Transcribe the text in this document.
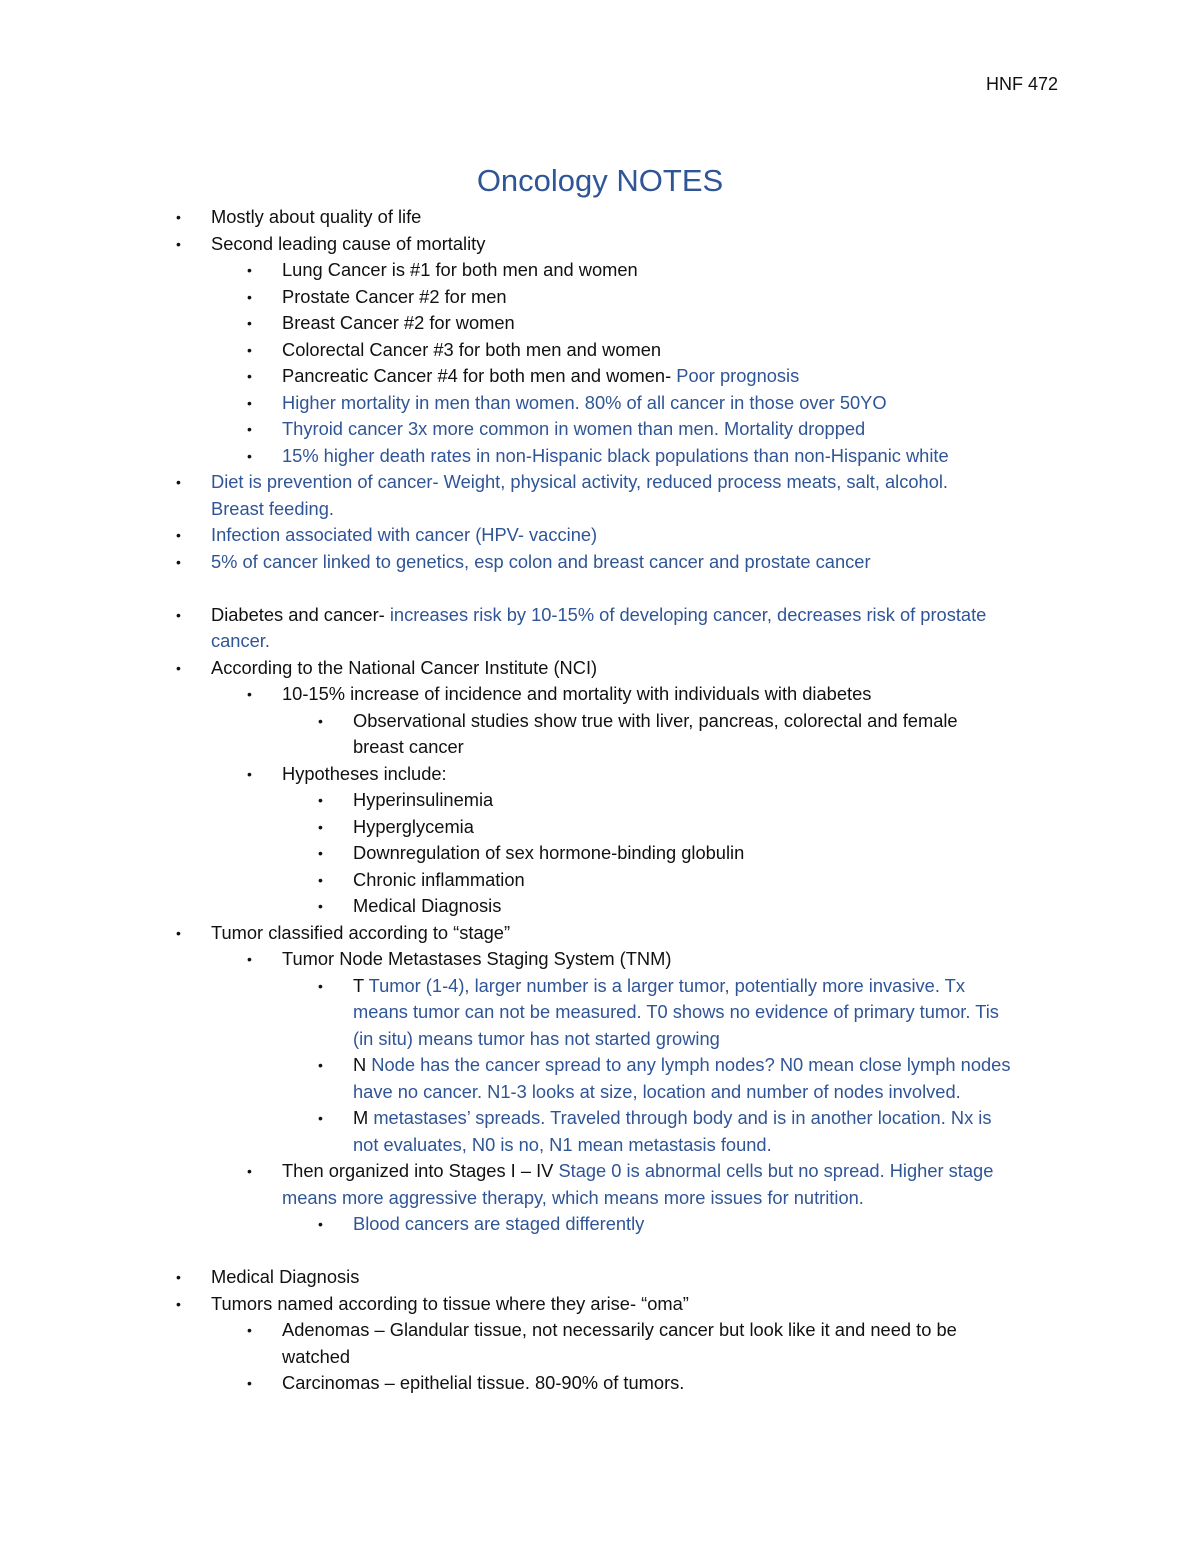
HNF 472
Oncology NOTES
• Mostly about quality of life
• Second leading cause of mortality
• Lung Cancer is #1 for both men and women
• Prostate Cancer #2 for men
• Breast Cancer #2 for women
• Colorectal Cancer #3 for both men and women
• Pancreatic Cancer #4 for both men and women- Poor prognosis
• Higher mortality in men than women. 80% of all cancer in those over 50YO
• Thyroid cancer 3x more common in women than men. Mortality dropped
• 15% higher death rates in non-Hispanic black populations than non-Hispanic white
• Diet is prevention of cancer- Weight, physical activity, reduced process meats, salt, alcohol.
Breast feeding.
• Infection associated with cancer (HPV- vaccine)
• 5% of cancer linked to genetics, esp colon and breast cancer and prostate cancer
• Diabetes and cancer- increases risk by 10-15% of developing cancer, decreases risk of prostate
cancer.
• According to the National Cancer Institute (NCI)
• 10-15% increase of incidence and mortality with individuals with diabetes
• Observational studies show true with liver, pancreas, colorectal and female
breast cancer
• Hypotheses include:
• Hyperinsulinemia
• Hyperglycemia
• Downregulation of sex hormone-binding globulin
• Chronic inflammation
• Medical Diagnosis
• Tumor classified according to “stage”
• Tumor Node Metastases Staging System (TNM)
• T Tumor (1-4), larger number is a larger tumor, potentially more invasive. Tx
means tumor can not be measured. T0 shows no evidence of primary tumor. Tis
(in situ) means tumor has not started growing
• N Node has the cancer spread to any lymph nodes? N0 mean close lymph nodes
have no cancer. N1-3 looks at size, location and number of nodes involved.
• M metastases’ spreads. Traveled through body and is in another location. Nx is
not evaluates, N0 is no, N1 mean metastasis found.
• Then organized into Stages I – IV Stage 0 is abnormal cells but no spread. Higher stage
means more aggressive therapy, which means more issues for nutrition.
• Blood cancers are staged differently
• Medical Diagnosis
• Tumors named according to tissue where they arise- “oma”
• Adenomas – Glandular tissue, not necessarily cancer but look like it and need to be
watched
• Carcinomas – epithelial tissue. 80-90% of tumors.
